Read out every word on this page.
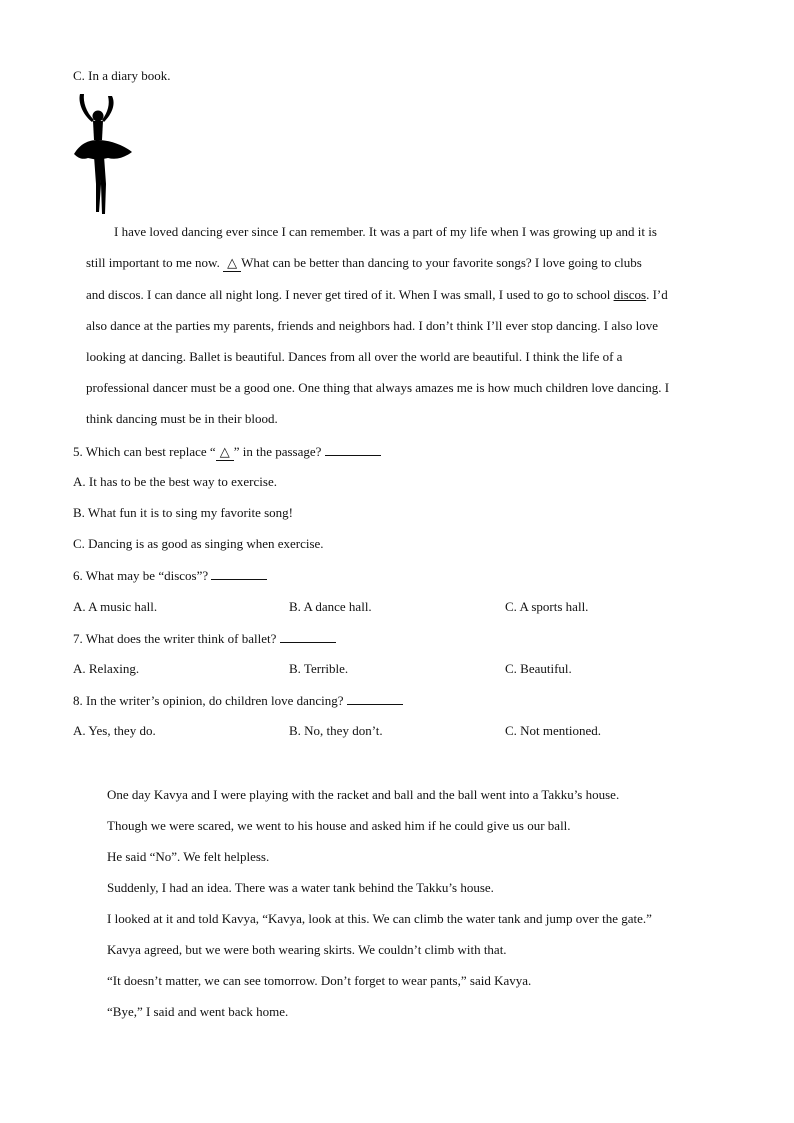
C. In a diary book.
I have loved dancing ever since I can remember. It was a part of my life when I was growing up and it is
still important to me now. △ What can be better than dancing to your favorite songs? I love going to clubs
and discos. I can dance all night long. I never get tired of it. When I was small, I used to go to school discos. I’d
also dance at the parties my parents, friends and neighbors had. I don’t think I’ll ever stop dancing. I also love
looking at dancing. Ballet is beautiful. Dances from all over the world are beautiful. I think the life of a
professional dancer must be a good one. One thing that always amazes me is how much children love dancing. I
think dancing must be in their blood.
5. Which can best replace “ △ ” in the passage?
A. It has to be the best way to exercise.
B. What fun it is to sing my favorite song!
C. Dancing is as good as singing when exercise.
6. What may be “discos”?
A. A music hall.	B. A dance hall.	C. A sports hall.
7. What does the writer think of ballet?
A. Relaxing.	B. Terrible.	C. Beautiful.
8. In the writer’s opinion, do children love dancing?
A. Yes, they do.	B. No, they don’t.	C. Not mentioned.
One day Kavya and I were playing with the racket and ball and the ball went into a Takku’s house.
Though we were scared, we went to his house and asked him if he could give us our ball.
He said “No”. We felt helpless.
Suddenly, I had an idea. There was a water tank behind the Takku’s house.
I looked at it and told Kavya, “Kavya, look at this. We can climb the water tank and jump over the gate.”
Kavya agreed, but we were both wearing skirts. We couldn’t climb with that.
“It doesn’t matter, we can see tomorrow. Don’t forget to wear pants,” said Kavya.
“Bye,” I said and went back home.
